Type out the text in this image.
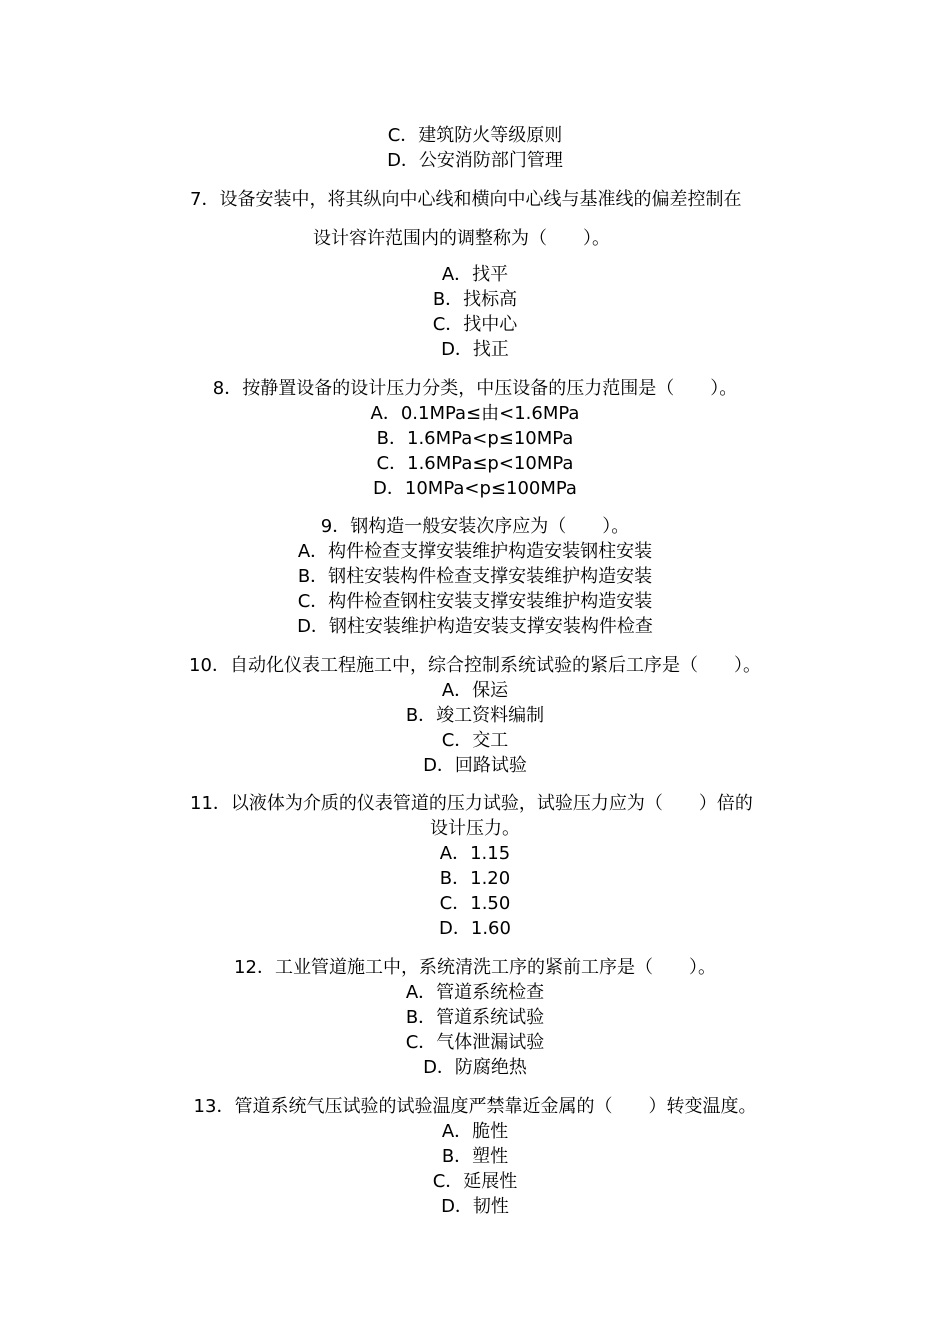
C．建筑防火等级原则
D．公安消防部门管理
7．设备安装中，将其纵向中心线和横向中心线与基准线的偏差控制在
设计容许范围内的调整称为（　　）。
A．找平
B．找标高
C．找中心
D．找正
8．按静置设备的设计压力分类，中压设备的压力范围是（　　）。
A．0.1MPa≤由<1.6MPa
B．1.6MPa<p≤10MPa
C．1.6MPa≤p<10MPa
D．10MPa<p≤100MPa
9．钢构造一般安装次序应为（　　）。
A．构件检查支撑安装维护构造安装钢柱安装
B．钢柱安装构件检查支撑安装维护构造安装
C．构件检查钢柱安装支撑安装维护构造安装
D．钢柱安装维护构造安装支撑安装构件检查
10．自动化仪表工程施工中，综合控制系统试验的紧后工序是（　　）。
A．保运
B．竣工资料编制
C．交工
D．回路试验
11．以液体为介质的仪表管道的压力试验，试验压力应为（　　）倍的
设计压力。
A．1.15
B．1.20
C．1.50
D．1.60
12．工业管道施工中，系统清洗工序的紧前工序是（　　）。
A．管道系统检查
B．管道系统试验
C．气体泄漏试验
D．防腐绝热
13．管道系统气压试验的试验温度严禁靠近金属的（　　）转变温度。
A．脆性
B．塑性
C．延展性
D．韧性
